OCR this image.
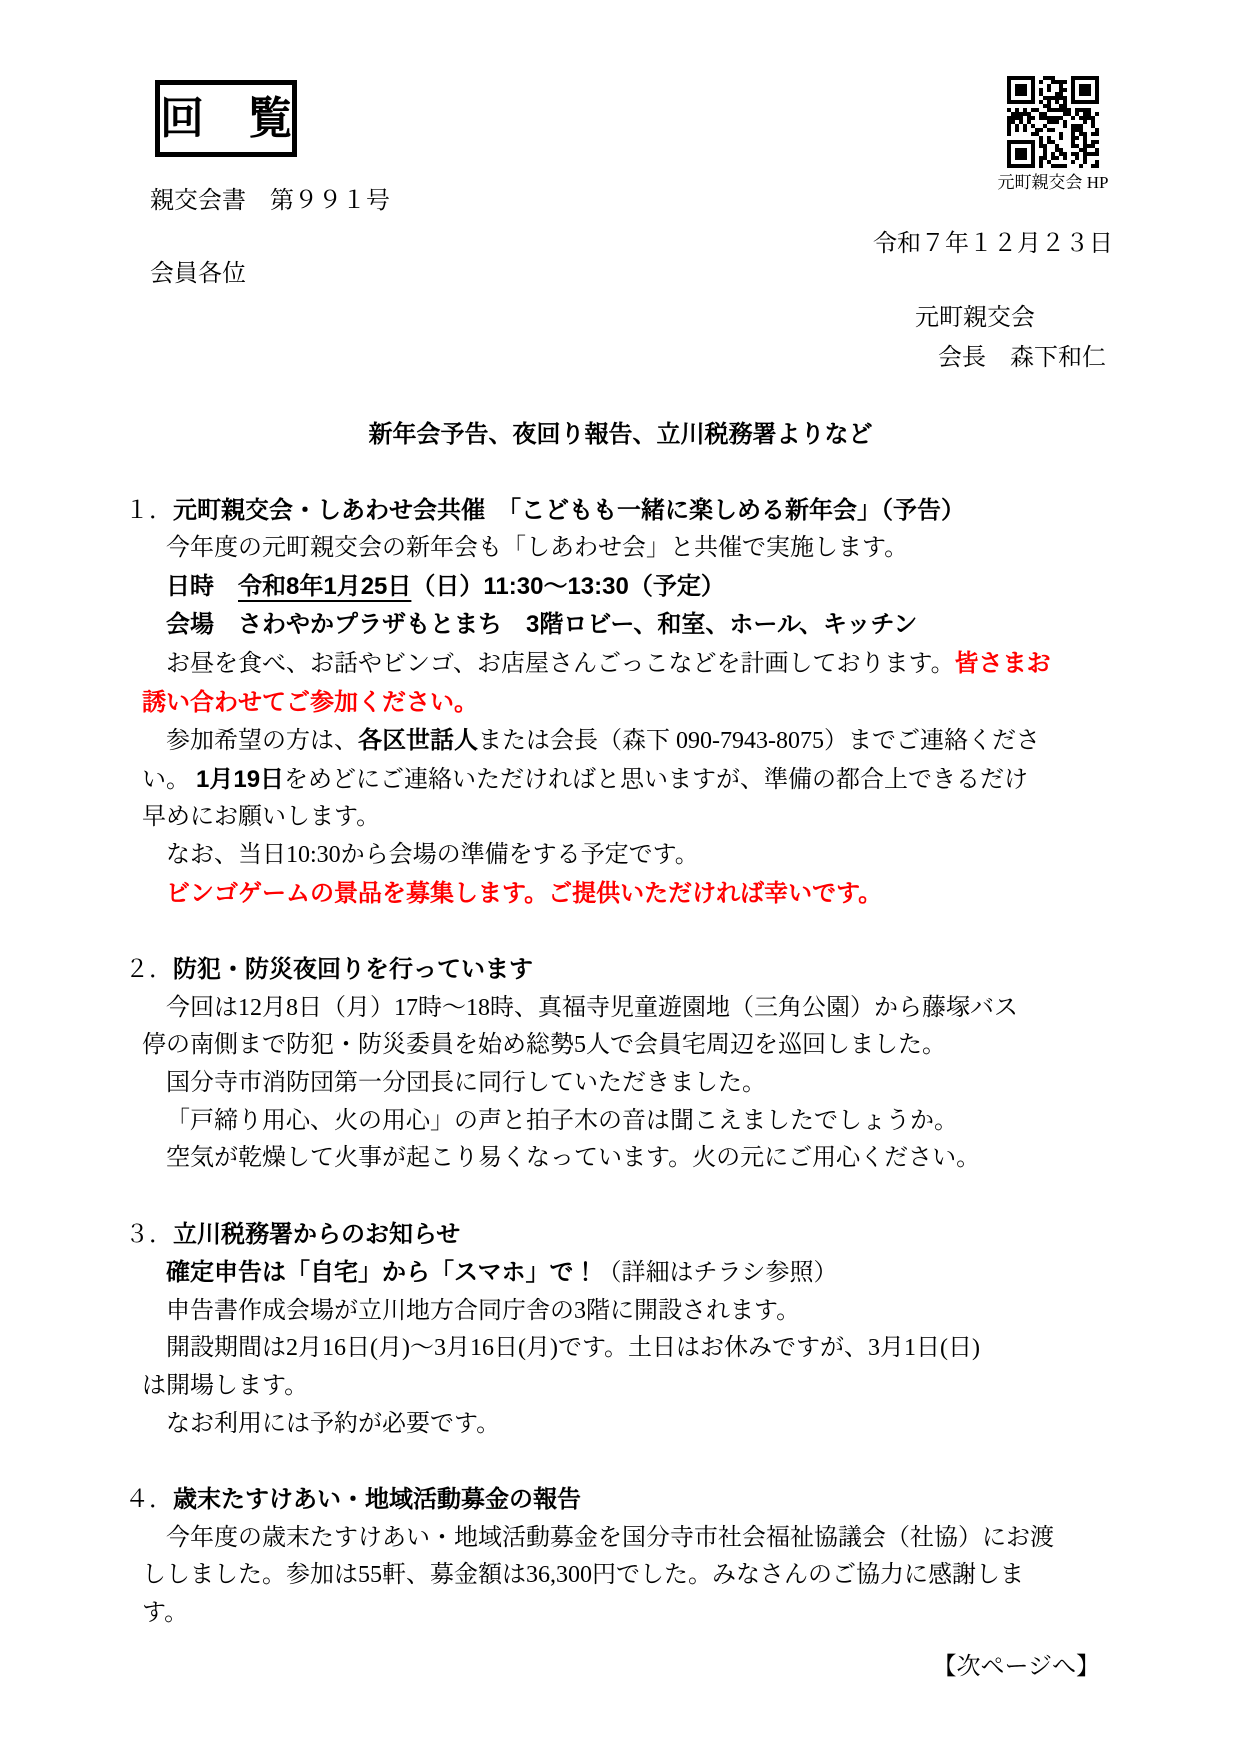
回　覧
元町親交会 HP
親交会書　第９９１号
令和７年１２月２３日
会員各位
元町親交会
会長　森下和仁
新年会予告、夜回り報告、立川税務署よりなど
１．元町親交会・しあわせ会共催　「こどもも一緒に楽しめる新年会」（予告）
今年度の元町親交会の新年会も「しあわせ会」と共催で実施します。
日時　令和8年1月25日（日）11:30～13:30（予定）
会場　さわやかプラザもとまち　3階ロビー、和室、ホール、キッチン
お昼を食べ、お話やビンゴ、お店屋さんごっこなどを計画しております。皆さまお
誘い合わせてご参加ください。
参加希望の方は、各区世話人または会長（森下 090-7943-8075）までご連絡くださ
い。 1月19日をめどにご連絡いただければと思いますが、準備の都合上できるだけ
早めにお願いします。
なお、当日10:30から会場の準備をする予定です。
ビンゴゲームの景品を募集します。ご提供いただければ幸いです。
２．防犯・防災夜回りを行っています
今回は12月8日（月）17時～18時、真福寺児童遊園地（三角公園）から藤塚バス
停の南側まで防犯・防災委員を始め総勢5人で会員宅周辺を巡回しました。
国分寺市消防団第一分団長に同行していただきました。
「戸締り用心、火の用心」の声と拍子木の音は聞こえましたでしょうか。
空気が乾燥して火事が起こり易くなっています。火の元にご用心ください。
３．立川税務署からのお知らせ
確定申告は「自宅」から「スマホ」で！（詳細はチラシ参照）
申告書作成会場が立川地方合同庁舎の3階に開設されます。
開設期間は2月16日(月)～3月16日(月)です。土日はお休みですが、3月1日(日)
は開場します。
なお利用には予約が必要です。
４．歳末たすけあい・地域活動募金の報告
今年度の歳末たすけあい・地域活動募金を国分寺市社会福祉協議会（社協）にお渡
ししました。参加は55軒、募金額は36,300円でした。みなさんのご協力に感謝しま
す。
【次ページへ】
